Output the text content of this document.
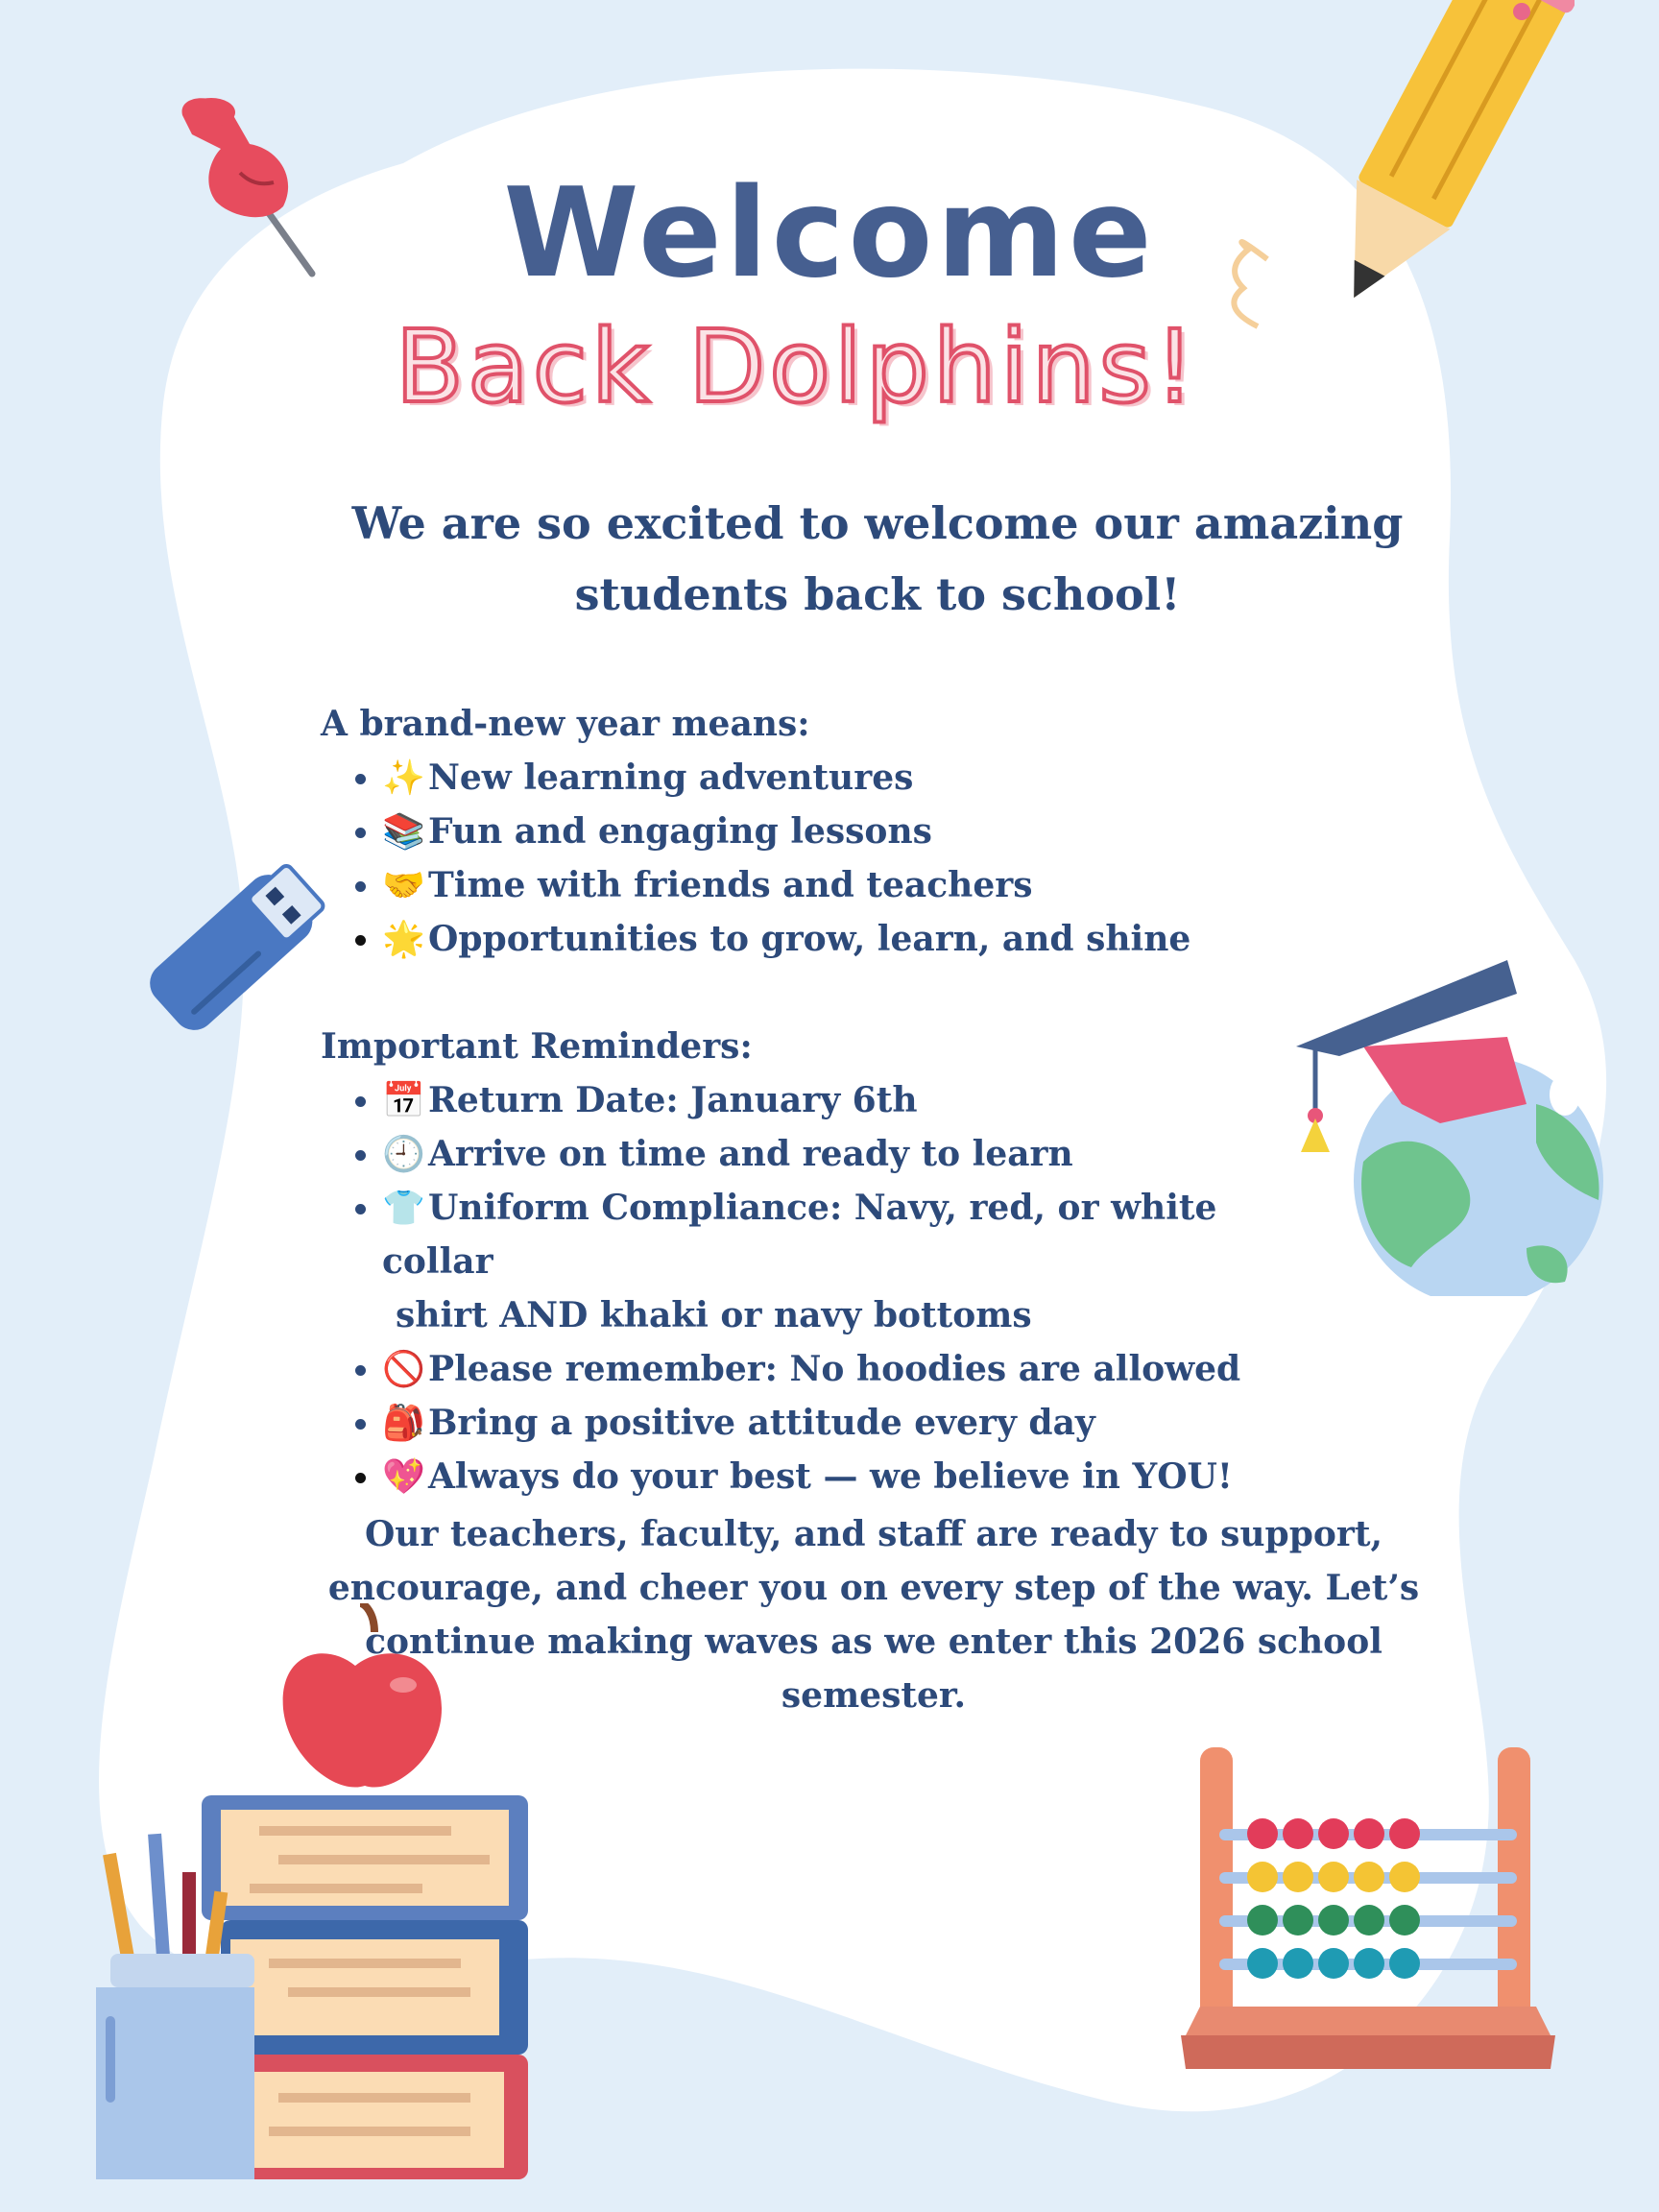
Welcome
Back Dolphins!
We are so excited to welcome our amazing students back to school!
A brand-new year means:
✨New learning adventures
📚Fun and engaging lessons
🤝Time with friends and teachers
🌟Opportunities to grow, learn, and shine
Important Reminders:
📅Return Date: January 6th
🕘Arrive on time and ready to learn
👕Uniform Compliance: Navy, red, or white collar
shirt AND khaki or navy bottoms
🚫Please remember: No hoodies are allowed
🎒Bring a positive attitude every day
💖Always do your best — we believe in YOU!
Our teachers, faculty, and staff are ready to support, encourage, and cheer you on every step of the way. Let’s continue making waves as we enter this 2026 school semester.
